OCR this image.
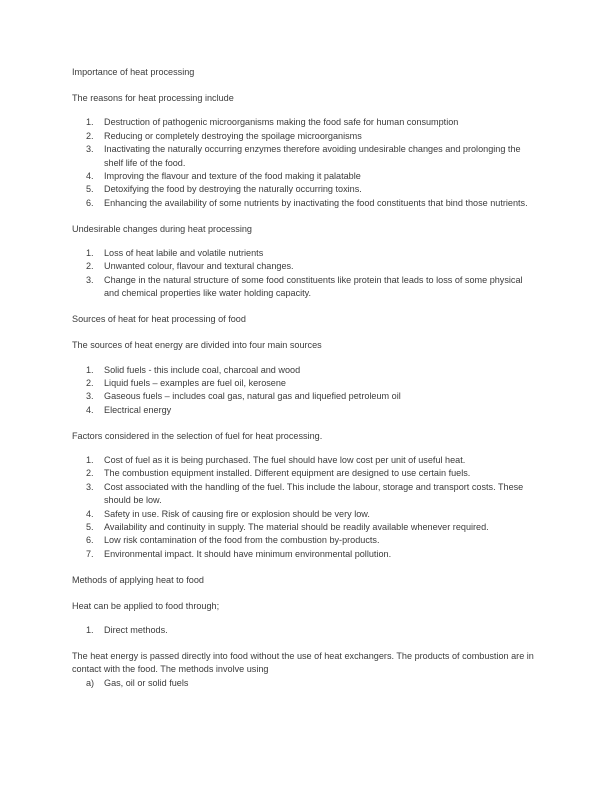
Importance of heat processing

The reasons for heat processing include

1.	Destruction of pathogenic microorganisms making the food safe for human consumption
2.	Reducing or completely destroying the spoilage microorganisms
3.	Inactivating the naturally occurring enzymes therefore avoiding undesirable changes and prolonging the shelf life of the food.
4.	Improving the flavour and texture of the food making it palatable
5.	Detoxifying the food by destroying the naturally occurring toxins.
6.	Enhancing the availability of some nutrients by inactivating the food constituents that bind those nutrients.

Undesirable changes during heat processing

1.	Loss of heat labile and volatile nutrients
2.	Unwanted colour, flavour and textural changes.
3.	Change in the natural structure of some food constituents like protein that leads to loss of some physical and chemical properties like water holding capacity.

Sources of heat for heat processing of food

The sources of heat energy are divided into four main sources

1.	Solid fuels - this include coal, charcoal and wood
2.	Liquid fuels – examples are fuel oil, kerosene
3.	Gaseous fuels – includes coal gas, natural gas and liquefied petroleum oil
4.	Electrical energy

Factors considered in the selection of fuel for heat processing.

1.	Cost of fuel as it is being purchased. The fuel should have low cost per unit of useful heat.
2.	The combustion equipment installed. Different equipment are designed to use certain fuels.
3.	Cost associated with the handling of the fuel. This include the labour, storage and transport costs. These should be low.
4.	Safety in use. Risk of causing fire or explosion should be very low.
5.	Availability and continuity in supply. The material should be readily available whenever required.
6.	Low risk contamination of the food from the combustion by-products.
7.	Environmental impact. It should have minimum environmental pollution.

Methods of applying heat to food

Heat can be applied to food through;

1.	Direct methods.

The heat energy is passed directly into food without the use of heat exchangers. The products of combustion are in contact with the food. The methods involve using

a)	Gas, oil or solid fuels
